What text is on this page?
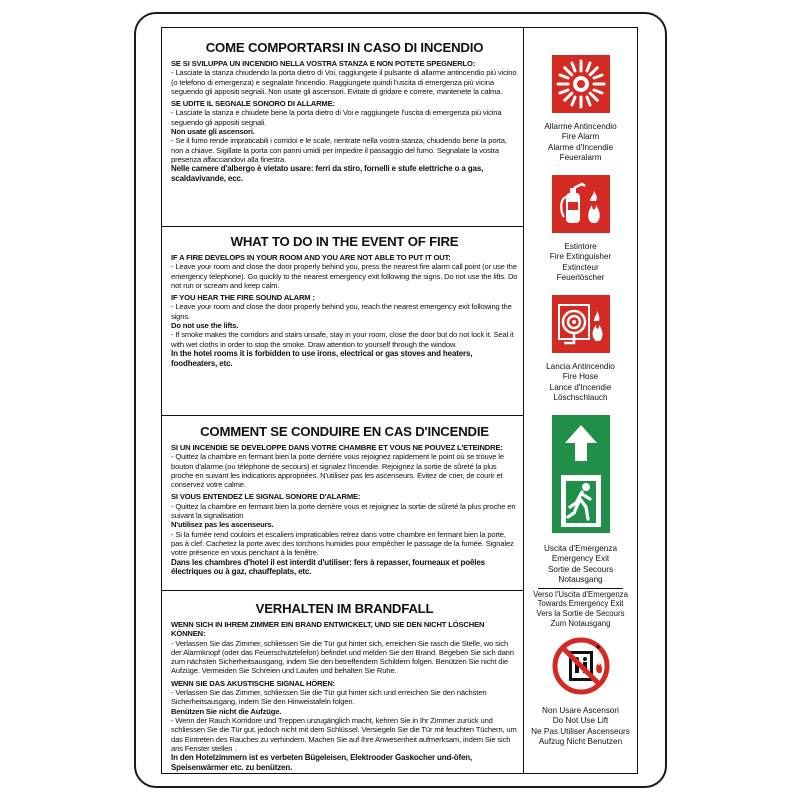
COME COMPORTARSI IN CASO DI INCENDIO
SE SI SVILUPPA UN INCENDIO NELLA VOSTRA STANZA E NON POTETE SPEGNERLO:
- Lasciate la stanza chiudendo la porta dietro di Voi, raggiungete il pulsante di allarme antincendio più vicino (o telefono di emergenza) e segnalate l'incendio. Raggiungete quindi l'uscita di emergenza più vicina seguendo gli appositi segnali. Non usate gli ascensori. Evitate di gridare e correre, mantenete la calma.
SE UDITE IL SEGNALE SONORO DI ALLARME:
- Lasciate la stanza e chiudete bene la porta dietro di Voi e raggiungete l'uscita di emergenza più vicina seguendo gli appositi segnali.
Non usate gli ascensori.
- Se il fumo rende impraticabili i corridoi e le scale, rientrate nella vostra stanza, chiudendo bene la porta, non a chiave. Sigillate la porta con panni umidi per impedire il passaggio del fumo. Segnalate la vostra presenza affacciandovi alla finestra.
Nelle camere d'albergo è vietato usare: ferri da stiro, fornelli e stufe elettriche o a gas, scaldavivande, ecc.
WHAT TO DO IN THE EVENT OF FIRE
IF A FIRE DEVELOPS IN YOUR ROOM AND YOU ARE NOT ABLE TO PUT IT OUT:
- Leave your room and close the door properly behind you, press the nearest fire alarm call point (or use the emergency telephone). Go quickly to the nearest emergency exit following the signs. Do not use the lifts. Do not run or scream and keep calm.
IF YOU HEAR THE FIRE SOUND ALARM :
- Leave your room and close the door properly behind you, reach the nearest emergency exit following the signs.
Do not use the lifts.
- If smoke makes the corridors and stairs unsafe, stay in your room, close the door but do not lock it. Seal it with wet cloths in order to stop the smoke. Draw attention to yourself through the window.
In the hotel rooms it is forbidden to use irons, electrical or gas stoves and heaters, foodheaters, etc.
COMMENT SE CONDUIRE EN CAS D'INCENDIE
SI UN INCENDIE SE DEVELOPPE DANS VOTRE CHAMBRE ET VOUS NE POUVEZ L'ETEINDRE:
- Quittez la chambre en fermant bien la porte derrière vous rejoignez rapidement le point où se trouve le bouton d'alarme (ou téléphone de secours) et signalez l'incendie. Rejoignez la sortie de sûreté la plus proche en suivant les indications appropriées. N'utilisez pas les ascenseurs. Evitez de crier, de courir et conservez votre calme.
SI VOUS ENTENDEZ LE SIGNAL SONORE D'ALARME:
- Quittez la chambre en fermant bien la porte derrière vous et rejoignez la sortie de sûreté la plus proche en suivant la signalisation
N'utilisez pas les ascenseurs.
- Si la fumée rend couloirs et escaliers impraticables retrez dans votre chambre en fermant bien la porte, pas à clef. Cachetez la porte avec des torchons humides pour empêcher le passage de la fumée. Signalez votre présence en vous penchant à la fenêtre.
Dans les chambres d'hotel il est interdit d'utiliser: fers à repasser, fourneaux et poêles électriques ou à gaz, chauffeplats, etc.
VERHALTEN IM BRANDFALL
WENN SICH IN IHREM ZIMMER EIN BRAND ENTWICKELT, UND SIE DEN NICHT LÖSCHEN KÖNNEN:
- Verlassen Sie das Zimmer, schliessen Sie die Tür gut hinter sich, erreichen Sie rasch die Stelle, wo sich der Alarmknopf (oder das Feuerschutztelefon) befindet und melden Sie den Brand. Begeben Sie sich dann zum nächsten Sicherheitsausgang, indem Sie den betreffendem Schildern folgen. Benützen Sie nicht die Aufzüge. Vermeiden Sie Schreien und Laufen und behalten Sie Ruhe.
WENN SIE DAS AKUSTISCHE SIGNAL HÖREN:
- Verlassen Sie das Zimmer, schliessen Sie die Tür gut hinter sich und erreichen Sie den nächsten Sicherheitsausgang, indem Sie den Hinweistafeln folgen.
Benützen Sie nicht die Aufzüge.
- Wenn der Rauch Korridore und Treppen unzugänglich macht, kehren Sie in Ihr Zimmer zurück und schliessen Sie die Tür gut, jedoch nicht mit dem Schlüssel. Versiegeln Sie die Tür mit feuchten Tüchern, um das Eintreten des Rauches zu verhindern. Machen Sie auf Ihre Anwesenheit aufmerksam, indem Sie sich ans Fenster stellen .
In den Hotelzimmern ist es verbeten Bügeleisen, Elektrooder Gaskocher und-öfen, Speisenwärmer etc. zu benützen.
Allarme Antincendio
Fire Alarm
Alarme d'Incendie
Feueralarm
Estintore
Fire Extinguisher
Extincteur
Feuerlöscher
Lancia Antincendio
Fire Hose
Lance d'Incendie
Löschschlauch
Uscita d'Emergenza
Emergency Exit
Sortie de Secours
Notausgang
Verso l'Uscita d'Emergenza
Towards Emergency Exit
Vers la Sortie de Secours
Zum Notausgang
Non Usare Ascensori
Do Not Use Lift
Ne Pas Utiliser Ascenseurs
Aufzug Nicht Benutzen
